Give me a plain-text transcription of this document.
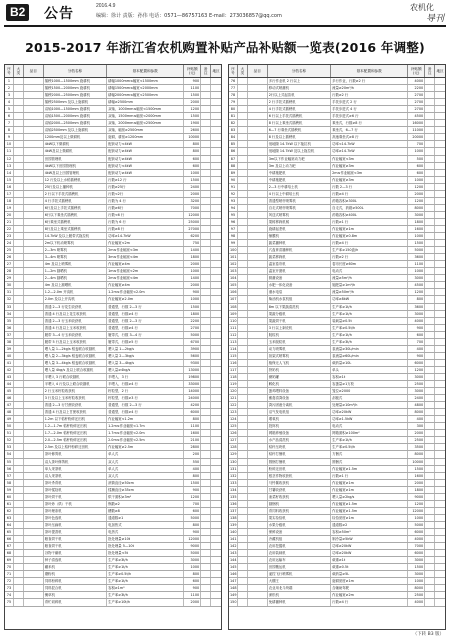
B2 公告	2016.4.9
编辑：徐计 责版：孙伟 电话：0571—86757163 E-mail：273036857@qq.com
农机化
导刊
2015-2017 年浙江省农机购置补贴产品补贴额一览表(2016 年调整)
序号
大类	品目	分档名称	基本配置和参数	补贴额(元)
备注	地区
1	插秧1000—1500mm 旋耕机	耕幅1000mm≤幅宽<1500mm	900
2	插秧1500—2000mm 旋耕机	耕幅1500mm≤幅宽<2000mm	1100
3	插秧2000—2500mm 旋耕机	耕幅2000mm≤幅宽<2500mm	1500
4	插秧2500mm 及以上旋耕机	耕幅≥2500mm	2000
5	双轴1000—1500mm 旋耕机	双轴，1000mm≤幅宽<1500mm	1200
6	双轴1500—2000mm 旋耕机	双轴，1500mm≤幅宽<2000mm	1500
7	双轴2000—2500mm 旋耕机	双轴，2000mm≤幅宽<2500mm	1900
8	双轴2500mm 及以上旋耕机	双轴，幅宽≥2500mm	2600
9	1200mm及以上微耕机	旋耕，耕宽≥1200mm	10000
10	4kW以下微耕机	配套动力<4kW	800
11	4kW及以上微耕机	配套动力≥4kW	800
12	田园管理机	配套动力≥4kW	600
13	4kW以下田园管理机	配套动力<4kW	600
14	4kW及以上田园管理机	配套动力≥4kW	1000
15	12 行及以上水稻插秧机	行数≥12 行	1500
16	25行及以上播种机	行数≥25行	2400
17	2 行以下手扶式插秧机	行数<2行	2000
18	4 行手扶式插秧机	行数为 4 行	3200
19	6行及以上手扶式插秧机	行数≥6行	7000
20	6行以下乘坐式插秧机	行数<6 行	12000
21	6行乘坐式插秧机	行数为 6 行	25000
22	8行及以上乘坐式插秧机	行数≥8 行	27000
23	14.7kW 及以上履带式拖拉机	功率≥14.7kW	6200
24	2m以下机动喷雾机	作业幅宽<2m	750
25	2—3m 喷雾机	2m≤作业幅宽<3m	1400
26	3—4m 喷雾机	3m≤作业幅宽<4m	1800
27	4m 及以上喷雾机	作业幅宽≥4m	2000
28	1—2m 割晒机	1m≤作业幅宽<2m	1000
29	2—4m 割晒机	2m≤作业幅宽<4m	1400
30	4m 及以上割晒机	作业幅宽≥4m	2000
31	1.2—2.0m 开沟机	1.2m≤作业幅宽<2.0m	900
32	2.0m 及以上开沟机	作业幅宽≥2.0m	1000
33	普通 2—3 行花生收获机	普通型，行数 2—3 行	1500
34	普通 4 行及以上花生收获机	普通型，行数≥4 行	1800
35	普通 2—3 行玉米收获机	普通型，行数 2—3 行	2200
36	普通 4 行及以上玉米收获机	普通型，行数≥4 行	2700
37	履带 3—4 行玉米收获机	履带式，行数 3—4 行	5000
38	履带 5 行及以上玉米收获机	履带式，行数≥5 行	6700
39	喂入量 1—2kg/s 稻麦联合收割机	喂入量 1—2kg/s	3900
40	喂入量 2—3kg/s 稻麦联合收割机	喂入量 2—3kg/s	5600
41	喂入量 3—4kg/s 稻麦联合收割机	喂入量 3—4kg/s	9300
42	喂入量 4kg/s 及以上联合收割机	喂入量≥4kg/s	13000
43	半喂入 3 行联合收割机	半喂入，3 行	19800
44	半喂入 4 行及以上联合收割机	半喂入，行数≥4 行	33000
45	2 行玉米籽粒收获机	籽粒型，2 行	14000
46	3 行及以上玉米籽粒收获机	籽粒型，行数≥3 行	24000
47	普通 2—3 行甘蔗收获机	普通型，行数 2—3 行	4200
48	普通 4 行及以上甘蔗收获机	普通型，行数≥4 行	6000
49	1.2m 以下秸秆粉碎还田机	作业幅宽<1.2m	800
50	1.2—1.7m 秸秆粉碎还田机	1.2m≤作业幅宽<1.7m	1100
51	1.7—2.0m 秸秆粉碎还田机	1.7m≤作业幅宽<2.0m	1600
52	2.0—2.5m 秸秆粉碎还田机	2.0m≤作业幅宽<2.5m	2100
53	2.5m 及以上秸秆粉碎还田机	作业幅宽≥2.5m	2800
54	茶叶修剪机	单人式	200
55	双人茶叶修剪机	双人式	550
56	单人采茶机	单人式	400
57	双人采茶机	双人式	800
58	茶叶杀青机	滚筒直径≥50cm	1500
59	茶叶揉捻机	揉桶直径≥35cm	900
60	茶叶烘干机	烘干面积≥3m²	1200
61	茶叶炒（烘）干机	锅数≥2	700
62	茶叶理条机	槽数≥8	600
63	茶叶色选机	通道数≥1	5000
64	茶叶压扁机	电加热式	800
65	茶叶提香机	电热式	900
66	粮食烘干机	批处理量≥10t	12000
67	粮食烘干机	批处理量 5—10t	9000
68	谷物干燥机	批处理量<5t	5000
69	种子清选机	生产率≥3t/h	3000
70	碾米机	生产率≥1t/h	1000
71	磨粉机	生产率≥0.5t/h	800
72	饲料粉碎机	生产率≥1t/h	600
73	饲料混合机	容积≥1m³	900
74	铡草机	生产率≥3t/h	1100
75	青贮切碎机	生产率≥10t/h	2000
序号
大类	品目	分档名称	基本配置和参数	补贴额(元)
备注	地区
76	多行作业机 2 行以上	多行作业，行数≥2 行	4000
77	移动式喷灌机	流量≥20m³/h	2200
78	2行以上式起苗机	行数≥2 行	2700
79	2 行手扶式插秧机	手扶步进式 2 行	2700
80	4 行手扶式插秧机	手扶步进式 4 行	2700
81	6 行以上手扶式插秧机	手扶步进式≥6 行	4500
82	8 行以上乘坐式插秧机	乘坐式，行数≥8 行	16000
83	6—7 行乘坐式插秧机	乘坐式，6—7 行	11000
84	8 行及以上插秧机	高速乘坐式≥8 行	20000
85	低地隙 14.7kW 以下拖拉机	功率<14.7kW	700
86	低地隙 14.7kW 及以上拖拉机	功率≥14.7kW	1000
87	3m以下作业幅宽动力耙	作业幅宽<3m	500
88	3m 及以上动力耙	作业幅宽≥3m	600
89	中耕施肥机	2m≤作业幅宽<3m	600
90	中耕施肥机	作业幅宽≥3m	1000
91	2—3 行中耕培土机	行数 2—3 行	1200
92	4 行以上中耕培土机	行数≥4 行	2000
93	普通型喷杆喷雾机	药箱容积≥300L	1200
94	自走式喷杆喷雾机	自走式，药箱≥500L	8000
95	风送式喷雾机	药箱容积≥400L	3000
96	果树移栽机械	行数≥1 行	1800
97	旋耕起垄机	作业幅宽≥1m	1600
98	铺膜机	作业幅宽≥0.8m	1000
99	蔬菜播种机	行数≥4 行	1500
100	穴盘育苗播种机	生产率≥150盘/h	5000
101	蔬菜移栽机	行数≥2 行	3600
102	温室卷帘机	卷帘长度≥60m	1100
103	温室开窗机	电动式	1000
104	微灌设备	流量≥5m³/h	3000
105	水肥一体化设备	施肥量≥1m³/h	4500
106	潜水电泵	流量≥50m³/h	1200
107	柴油机水泵机组	功率≥8kW	800
108	8m 以下果蔬清洗机	生产率≥1t/h	3600
109	果蔬分级机	生产率≥1t/h	3000
110	果蔬烘干机	装载量≥0.5t	4000
111	3 行以上剥壳机	生产率≥0.5t/h	900
112	脱粒机	生产率≥1t/h	600
113	玉米脱粒机	生产率≥3t/h	700
114	动力喷雾机	泵流量≥30L/min	400
115	担架式喷雾机	泵流量≥60L/min	900
116	植保无人飞机	载药量≥10L	6000
117	挤奶机	单头	1200
118	储奶罐	容积≥1t	3000
119	孵化机	容蛋量≥1万枚	2500
120	蛋鸡喂料设备	笼位≥2000	3000
121	畜禽清粪设备	刮板式	2400
122	粪污固液分离机	处理量≥10m³/h	4800
123	沼气发电机组	功率≥20kW	8000
124	增氧机	功率≥1.5kW	400
125	投饵机	电动式	300
126	网箱养殖设备	网箱面积≥100m²	2000
127	水产品清洗机	生产率≥1t/h	2500
128	秸秆压块机	生产率≥0.5t/h	3500
129	秸秆打捆机	方捆式	8000
130	圆捆打捆机	圆捆式	10000
131	粉碎还田机	作业幅宽≥1.5m	1500
132	根茎作物收获机	行数≥1 行	1600
133	马铃薯收获机	作业幅宽≥1m	2000
134	甘薯收获机	作业幅宽≥1m	1800
135	油菜籽收获机	喂入量≥2kg/s	9000
136	割捆机	作业幅宽≥1.5m	1200
137	青饲料收获机	作业幅宽≥1.5m	12000
138	果实捡拾机	捡拾宽度≥1m	1000
139	水果分级机	通道数≥2	5000
140	保鲜设备	容积≥50m³	6000
141	冷藏机组	制冷量≥5kW	4000
142	农用挖掘机	功率≥20kW	7000
143	农用装载机	功率≥20kW	6000
144	农用运输车	载重≥1t	3000
145	田园搬运机	载重≥0.5t	1500
146	遥控飞行喷雾机	载药量≥5L	3000
147	大棚王	旋耕宽度≥1m	1000
148	农业用北斗终端	含辅助驾驶	8000
149	深松机	作业幅宽≥2m	2500
150	免耕播种机	行数≥4 行	4000
（下转 B3 版）
